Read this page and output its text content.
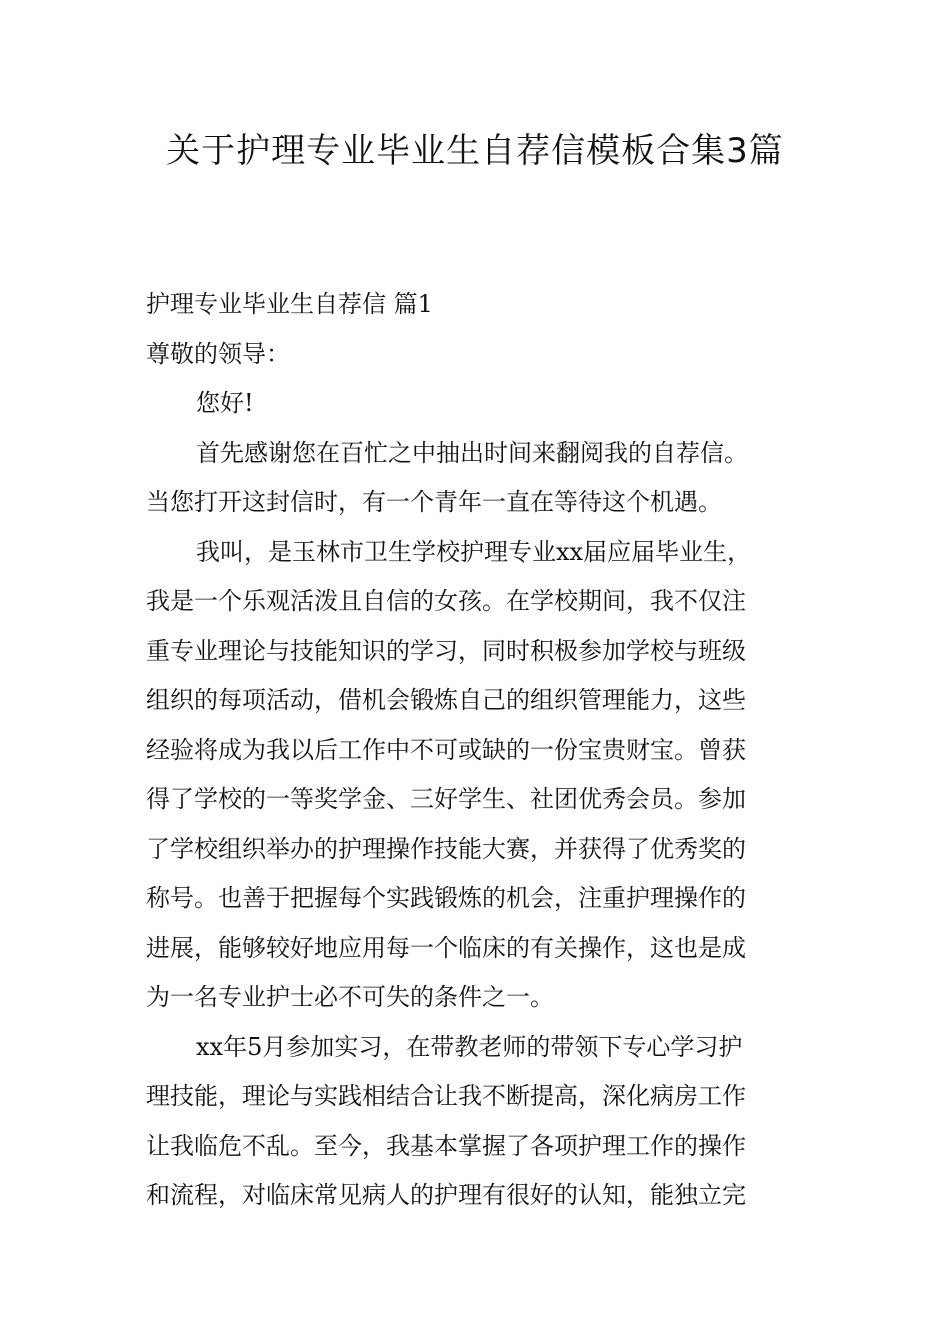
关于护理专业毕业生自荐信模板合集3篇
护理专业毕业生自荐信 篇1
尊敬的领导：
您好!
首先感谢您在百忙之中抽出时间来翻阅我的自荐信。
当您打开这封信时，有一个青年一直在等待这个机遇。
我叫，是玉林市卫生学校护理专业xx届应届毕业生，
我是一个乐观活泼且自信的女孩。在学校期间，我不仅注
重专业理论与技能知识的学习，同时积极参加学校与班级
组织的每项活动，借机会锻炼自己的组织管理能力，这些
经验将成为我以后工作中不可或缺的一份宝贵财宝。曾获
得了学校的一等奖学金、三好学生、社团优秀会员。参加
了学校组织举办的护理操作技能大赛，并获得了优秀奖的
称号。也善于把握每个实践锻炼的机会，注重护理操作的
进展，能够较好地应用每一个临床的有关操作，这也是成
为一名专业护士必不可失的条件之一。
xx年5月参加实习，在带教老师的带领下专心学习护
理技能，理论与实践相结合让我不断提高，深化病房工作
让我临危不乱。至今，我基本掌握了各项护理工作的操作
和流程，对临床常见病人的护理有很好的认知，能独立完
